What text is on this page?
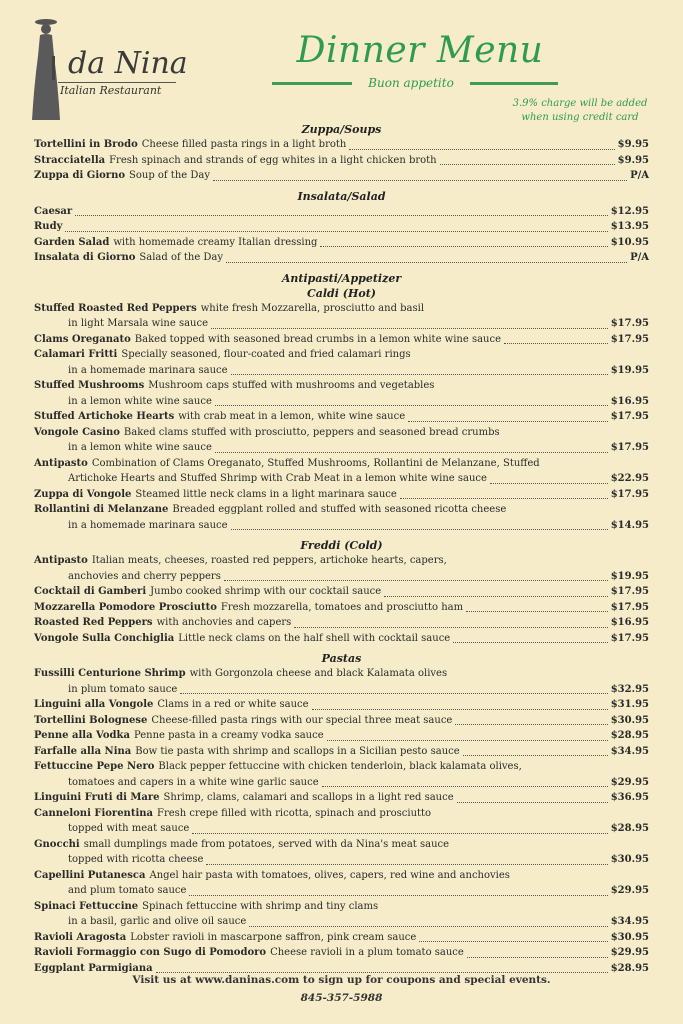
da Nina
Italian Restaurant
Dinner Menu
Buon appetito
3.9% charge will be added
when using credit card
Zuppa/Soups
Tortellini in Brodo Cheese filled pasta rings in a light broth	$9.95
Stracciatella Fresh spinach and strands of egg whites in a light chicken broth	$9.95
Zuppa di Giorno Soup of the Day	P/A
Insalata/Salad
Caesar	$12.95
Rudy	$13.95
Garden Salad with homemade creamy Italian dressing	$10.95
Insalata di Giorno Salad of the Day	P/A
Antipasti/Appetizer
Caldi (Hot)
Stuffed Roasted Red Peppers white fresh Mozzarella, prosciutto and basil
in light Marsala wine sauce	$17.95
Clams Oreganato Baked topped with seasoned bread crumbs in a lemon white wine sauce	$17.95
Calamari Fritti Specially seasoned, flour-coated and fried calamari rings
in a homemade marinara sauce	$19.95
Stuffed Mushrooms Mushroom caps stuffed with mushrooms and vegetables
in a lemon white wine sauce	$16.95
Stuffed Artichoke Hearts with crab meat in a lemon, white wine sauce	$17.95
Vongole Casino Baked clams stuffed with prosciutto, peppers and seasoned bread crumbs
in a lemon white wine sauce	$17.95
Antipasto Combination of Clams Oreganato, Stuffed Mushrooms, Rollantini de Melanzane, Stuffed
Artichoke Hearts and Stuffed Shrimp with Crab Meat in a lemon white wine sauce	$22.95
Zuppa di Vongole Steamed little neck clams in a light marinara sauce	$17.95
Rollantini di Melanzane Breaded eggplant rolled and stuffed with seasoned ricotta cheese
in a homemade marinara sauce	$14.95
Freddi (Cold)
Antipasto Italian meats, cheeses, roasted red peppers, artichoke hearts, capers,
anchovies and cherry peppers	$19.95
Cocktail di Gamberi Jumbo cooked shrimp with our cocktail sauce	$17.95
Mozzarella Pomodore Prosciutto Fresh mozzarella, tomatoes and prosciutto ham	$17.95
Roasted Red Peppers with anchovies and capers	$16.95
Vongole Sulla Conchiglia Little neck clams on the half shell with cocktail sauce	$17.95
Pastas
Fussilli Centurione Shrimp with Gorgonzola cheese and black Kalamata olives
in plum tomato sauce	$32.95
Linguini alla Vongole Clams in a red or white sauce	$31.95
Tortellini Bolognese Cheese-filled pasta rings with our special three meat sauce	$30.95
Penne alla Vodka Penne pasta in a creamy vodka sauce	$28.95
Farfalle alla Nina Bow tie pasta with shrimp and scallops in a Sicilian pesto sauce	$34.95
Fettuccine Pepe Nero Black pepper fettuccine with chicken tenderloin, black kalamata olives,
tomatoes and capers in a white wine garlic sauce	$29.95
Linguini Fruti di Mare Shrimp, clams, calamari and scallops in a light red sauce	$36.95
Canneloni Fiorentina Fresh crepe filled with ricotta, spinach and prosciutto
topped with meat sauce	$28.95
Gnocchi small dumplings made from potatoes, served with da Nina's meat sauce
topped with ricotta cheese	$30.95
Capellini Putanesca Angel hair pasta with tomatoes, olives, capers, red wine and anchovies
and plum tomato sauce	$29.95
Spinaci Fettuccine Spinach fettuccine with shrimp and tiny clams
in a basil, garlic and olive oil sauce	$34.95
Ravioli Aragosta Lobster ravioli in mascarpone saffron, pink cream sauce	$30.95
Ravioli Formaggio con Sugo di Pomodoro Cheese ravioli in a plum tomato sauce	$29.95
Eggplant Parmigiana	$28.95
Visit us at www.daninas.com to sign up for coupons and special events.
845-357-5988
